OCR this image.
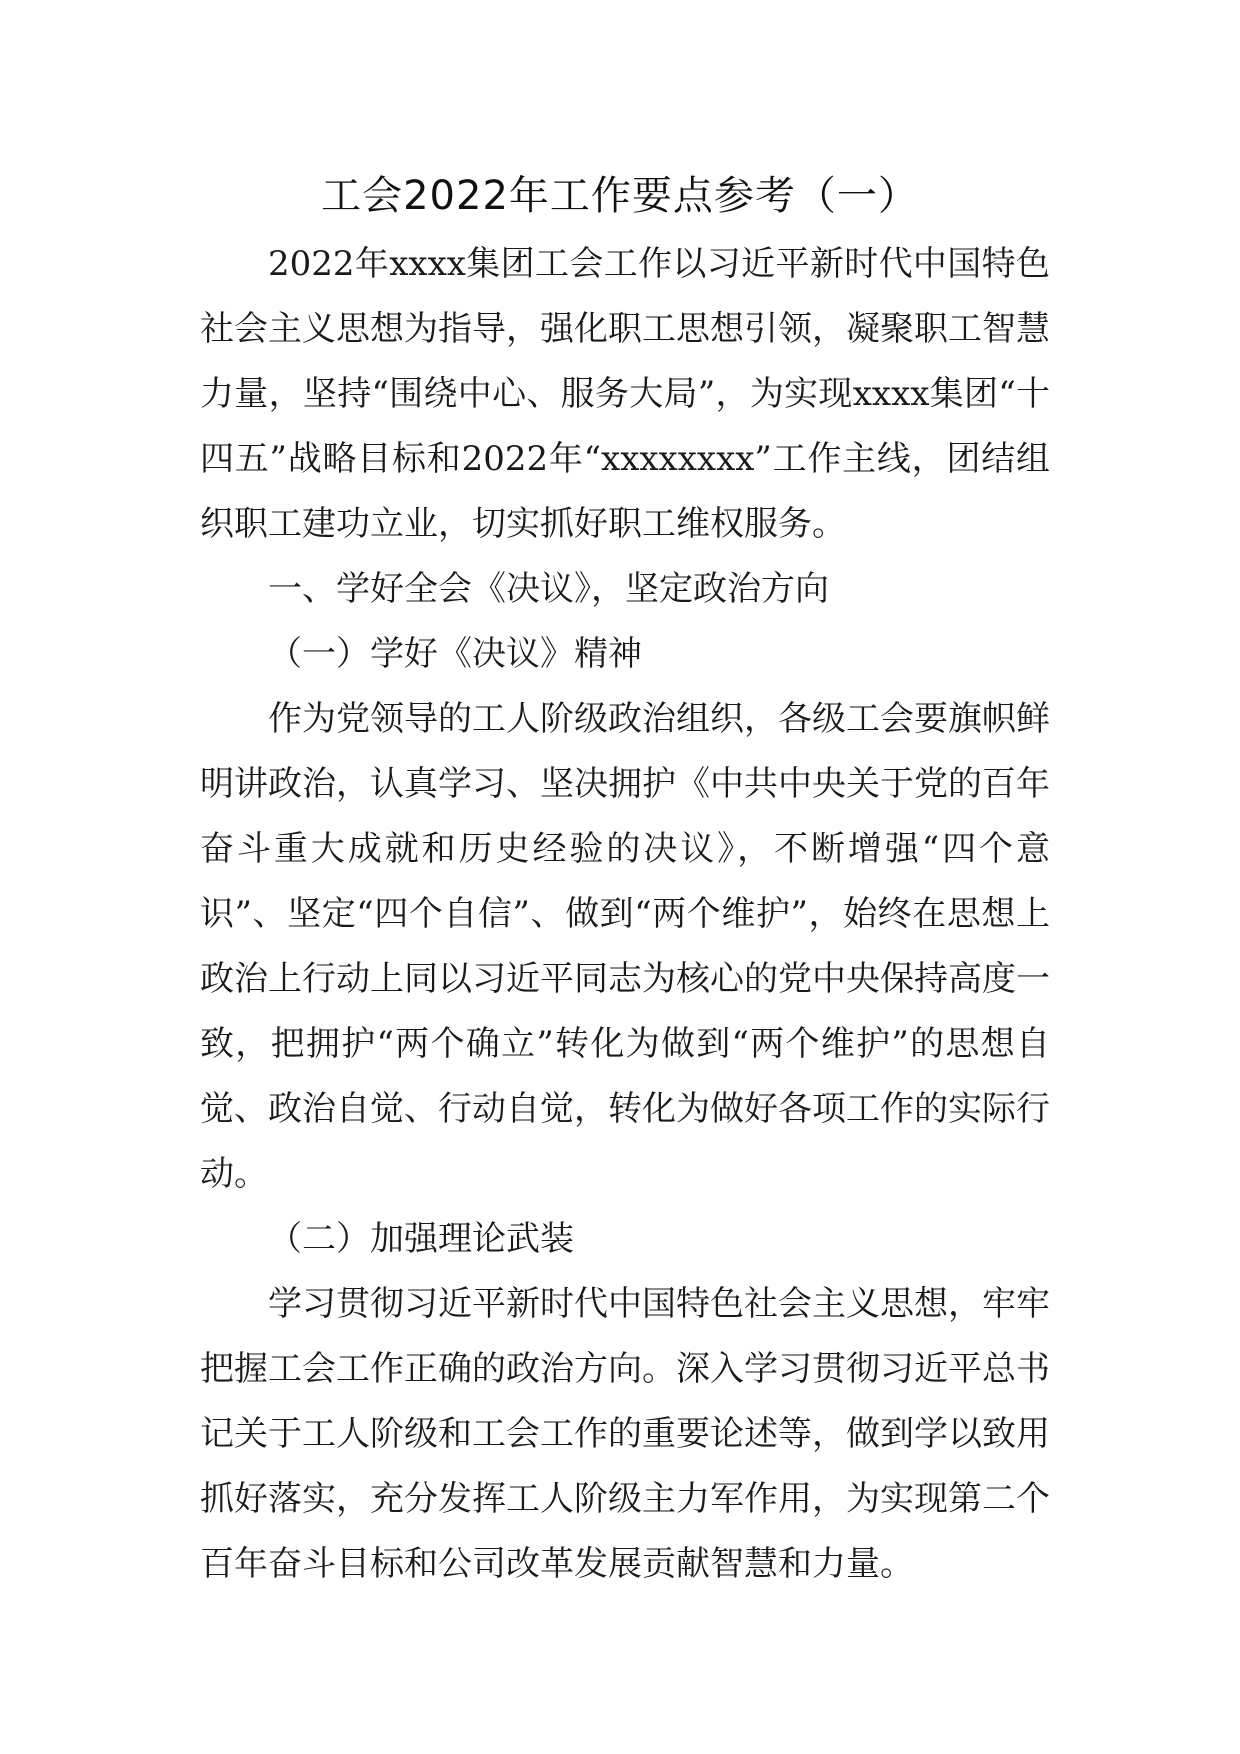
工会2022年工作要点参考（一）

2022年xxxx集团工会工作以习近平新时代中国特色社会主义思想为指导，强化职工思想引领，凝聚职工智慧力量，坚持“围绕中心、服务大局”，为实现xxxx集团“十四五”战略目标和2022年“xxxxxxxx”工作主线，团结组织职工建功立业，切实抓好职工维权服务。

一、学好全会《决议》，坚定政治方向

（一）学好《决议》精神

作为党领导的工人阶级政治组织，各级工会要旗帜鲜明讲政治，认真学习、坚决拥护《中共中央关于党的百年奋斗重大成就和历史经验的决议》，不断增强“四个意识”、坚定“四个自信”、做到“两个维护”，始终在思想上政治上行动上同以习近平同志为核心的党中央保持高度一致，把拥护“两个确立”转化为做到“两个维护”的思想自觉、政治自觉、行动自觉，转化为做好各项工作的实际行动。

（二）加强理论武装

学习贯彻习近平新时代中国特色社会主义思想，牢牢把握工会工作正确的政治方向。深入学习贯彻习近平总书记关于工人阶级和工会工作的重要论述等，做到学以致用抓好落实，充分发挥工人阶级主力军作用，为实现第二个百年奋斗目标和公司改革发展贡献智慧和力量。
